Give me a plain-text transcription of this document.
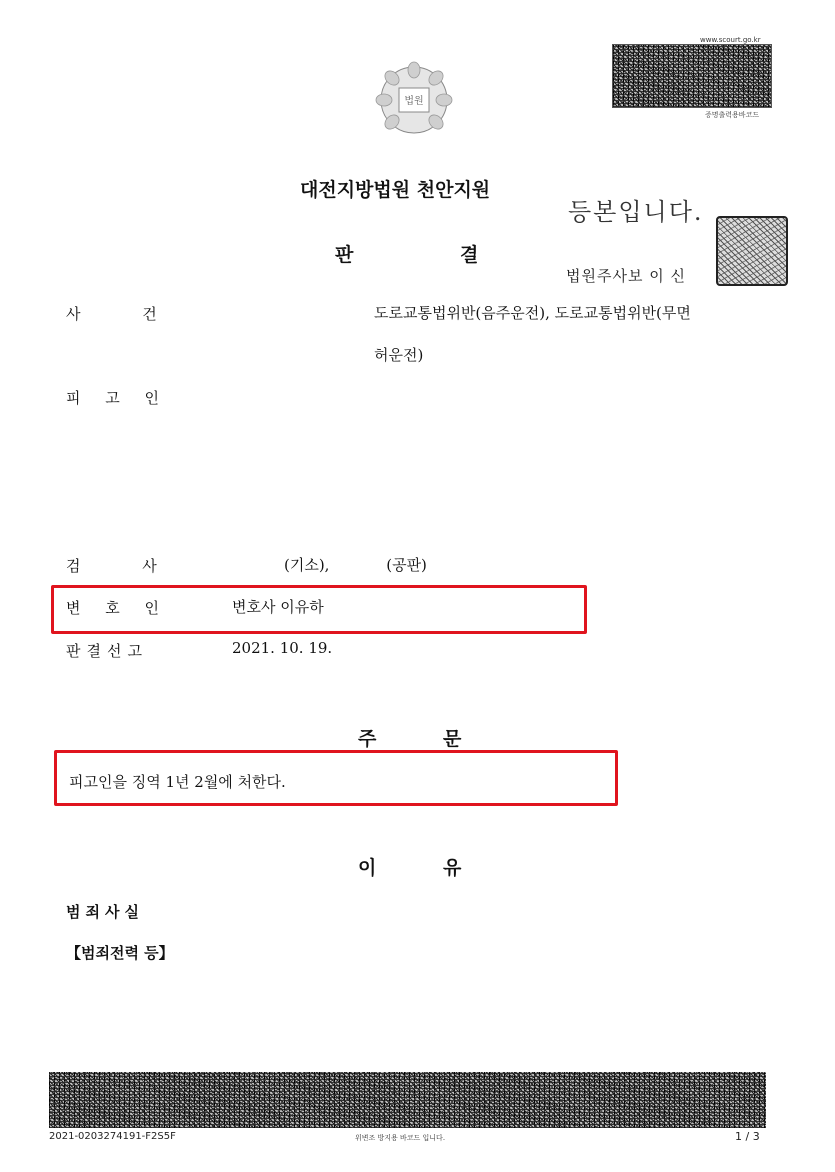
법원
www.scourt.go.kr
증명출력용바코드
대전지방법원 천안지원
등본입니다.
법원주사보 이 신
판 결
사 건	도로교통법위반(음주운전), 도로교통법위반(무면
허운전)
피 고 인
검 사	(기소), (공판)
변 호 인	변호사 이유하
판결선고	2021. 10. 19.
주 문
피고인을 징역 1년 2월에 처한다.
이 유
범죄사실
【범죄전력 등】
2021-0203274191-F2S5F	위변조 방지용 바코드 입니다.	1 / 3
